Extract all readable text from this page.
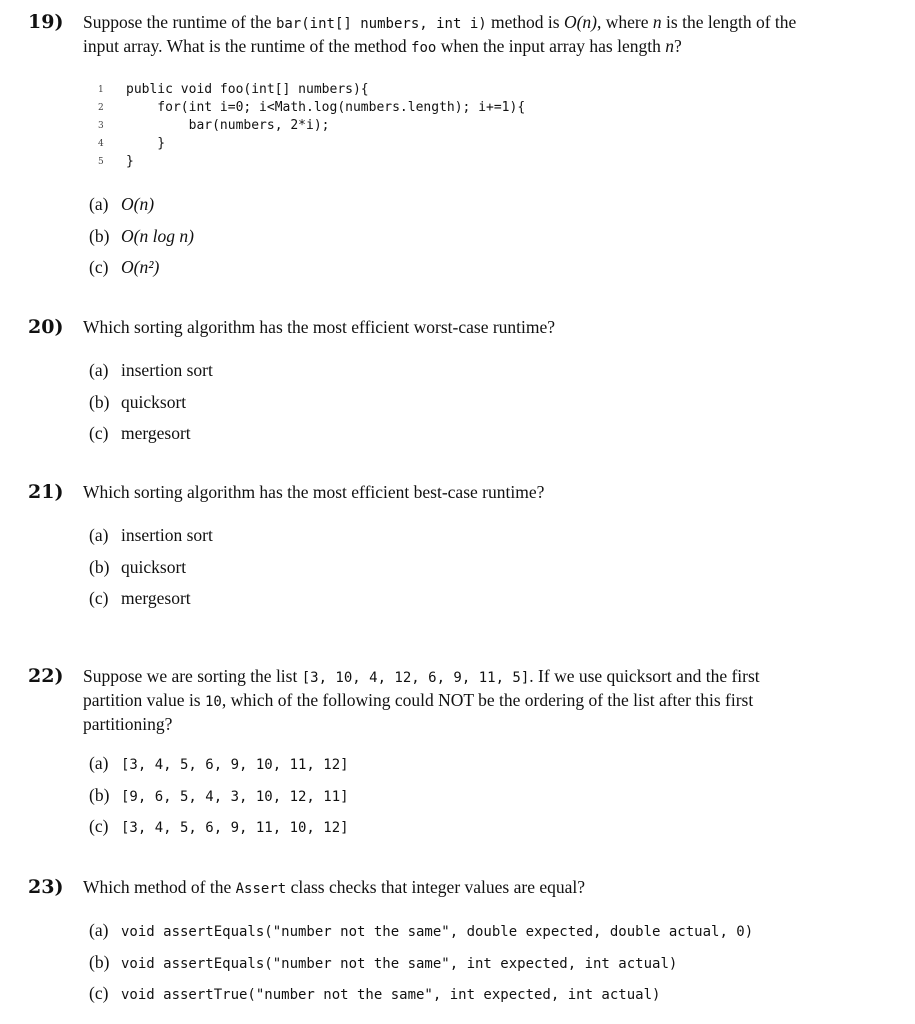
19) Suppose the runtime of the bar(int[] numbers, int i) method is O(n), where n is the length of the input array. What is the runtime of the method foo when the input array has length n?
1	public void foo(int[] numbers){
2	for(int i=0; i<Math.log(numbers.length); i+=1){
3	bar(numbers, 2*i);
4	}
5	}
(a) O(n)
(b) O(n log n)
(c) O(n²)
20) Which sorting algorithm has the most efficient worst-case runtime?
(a) insertion sort
(b) quicksort
(c) mergesort
21) Which sorting algorithm has the most efficient best-case runtime?
(a) insertion sort
(b) quicksort
(c) mergesort
22) Suppose we are sorting the list [3, 10, 4, 12, 6, 9, 11, 5]. If we use quicksort and the first partition value is 10, which of the following could NOT be the ordering of the list after this first partitioning?
(a) [3, 4, 5, 6, 9, 10, 11, 12]
(b) [9, 6, 5, 4, 3, 10, 12, 11]
(c) [3, 4, 5, 6, 9, 11, 10, 12]
23) Which method of the Assert class checks that integer values are equal?
(a) void assertEquals("number not the same", double expected, double actual, 0)
(b) void assertEquals("number not the same", int expected, int actual)
(c) void assertTrue("number not the same", int expected, int actual)
